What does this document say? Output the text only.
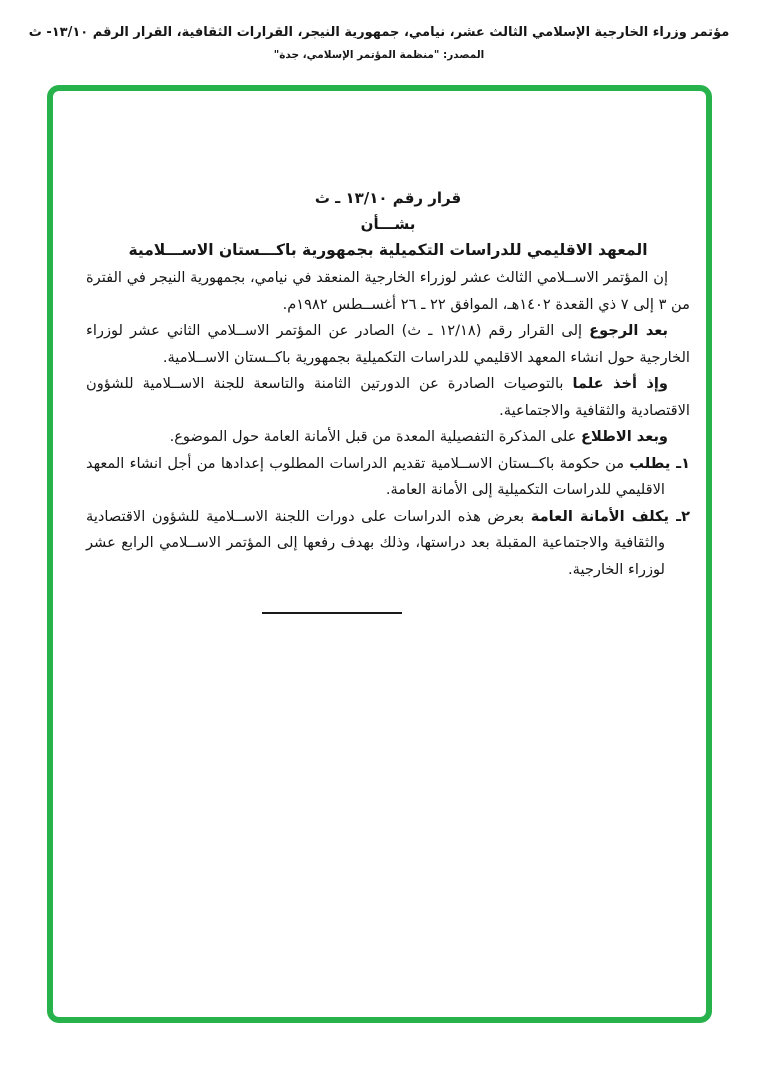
مؤتمر وزراء الخارجية الإسلامي الثالث عشر، نيامي، جمهورية النيجر، القرارات الثقافية، القرار الرقم ١٣/١٠- ث
المصدر: "منظمة المؤتمر الإسلامي، جدة"
قرار رقم ١٣/١٠ ـ ث
بشـــأن
المعهد الاقليمي للدراسات التكميلية بجمهورية باكـــستان الاســـلامية

إن المؤتمر الاســلامي الثالث عشر لوزراء الخارجية المنعقد في نيامي، بجمهورية النيجر في الفترة من ٣ إلى ٧ ذي القعدة ١٤٠٢هـ، الموافق ٢٢ ـ ٢٦ أغســطس ١٩٨٢م.

بعد الرجوع إلى القرار رقم (١٢/١٨ ـ ث) الصادر عن المؤتمر الاســلامي الثاني عشر لوزراء الخارجية حول انشاء المعهد الاقليمي للدراسات التكميلية بجمهورية باكــستان الاســلامية.

وإذ أخذ علما بالتوصيات الصادرة عن الدورتين الثامنة والتاسعة للجنة الاســلامية للشؤون الاقتصادية والثقافية والاجتماعية.

وبعد الاطلاع على المذكرة التفصيلية المعدة من قبل الأمانة العامة حول الموضوع.

١ـ يطلب من حكومة باكــستان الاســلامية تقديم الدراسات المطلوب إعدادها من أجل انشاء المعهد الاقليمي للدراسات التكميلية إلى الأمانة العامة.

٢ـ يكلف الأمانة العامة بعرض هذه الدراسات على دورات اللجنة الاســلامية للشؤون الاقتصادية والثقافية والاجتماعية المقبلة بعد دراستها، وذلك بهدف رفعها إلى المؤتمر الاســلامي الرابع عشر لوزراء الخارجية.
